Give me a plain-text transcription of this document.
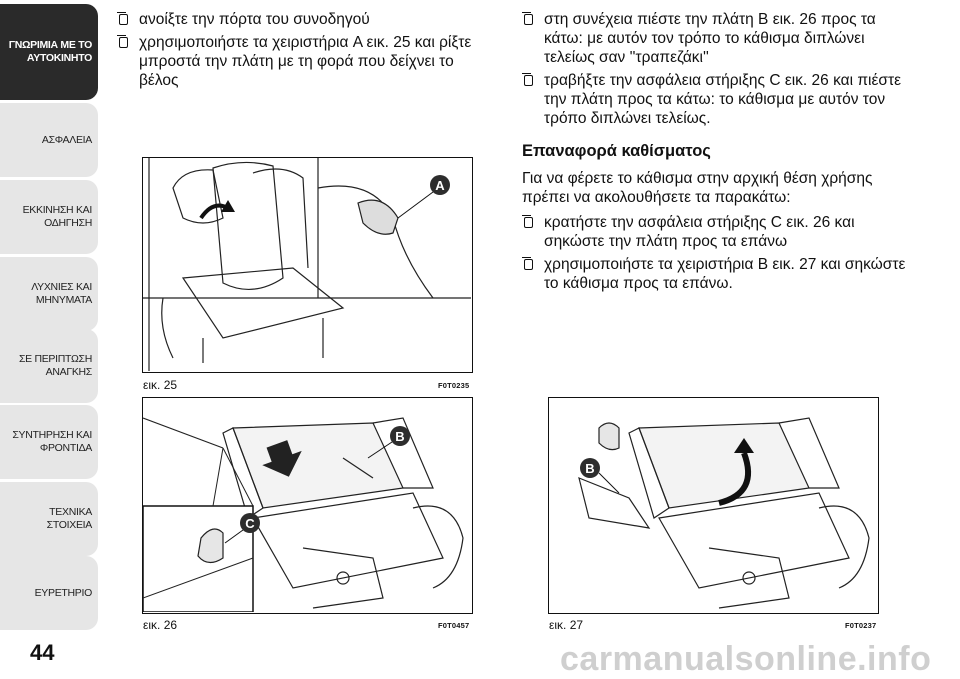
ΓΝΩΡΙΜΙΑ ΜΕ ΤΟ ΑΥΤΟΚΙΝΗΤΟ
ΑΣΦΑΛΕΙΑ
ΕΚΚΙΝΗΣΗ ΚΑΙ ΟΔΗΓΗΣΗ
ΛΥΧΝΙΕΣ ΚΑΙ ΜΗΝΥΜΑΤΑ
ΣΕ ΠΕΡΙΠΤΩΣΗ ΑΝΑΓΚΗΣ
ΣΥΝΤΗΡΗΣΗ ΚΑΙ ΦΡΟΝΤΙΔΑ
ΤΕΧΝΙΚΑ ΣΤΟΙΧΕΙΑ
ΕΥΡΕΤΗΡΙΟ
44
ανοίξτε την πόρτα του συνοδηγού
χρησιμοποιήστε τα χειριστήρια A εικ. 25 και ρίξτε μπροστά την πλάτη με τη φορά που δείχνει το βέλος
στη συνέχεια πιέστε την πλάτη B εικ. 26 προς τα κάτω: με αυτόν τον τρόπο το κάθισμα διπλώνει τελείως σαν ''τραπεζάκι''
τραβήξτε την ασφάλεια στήριξης C εικ. 26 και πιέστε την πλάτη προς τα κάτω: το κάθισμα με αυτόν τον τρόπο διπλώνει τελείως.
Επαναφορά καθίσματος

Για να φέρετε το κάθισμα στην αρχική θέση χρήσης πρέπει να ακολουθήσετε τα παρακάτω:

κρατήστε την ασφάλεια στήριξης C εικ. 26 και σηκώστε την πλάτη προς τα επάνω
χρησιμοποιήστε τα χειριστήρια B εικ. 27 και σηκώστε το κάθισμα προς τα επάνω.
A
εικ. 25	F0T0235
B
C
εικ. 26	F0T0457
B
εικ. 27	F0T0237
carmanualsonline.info
